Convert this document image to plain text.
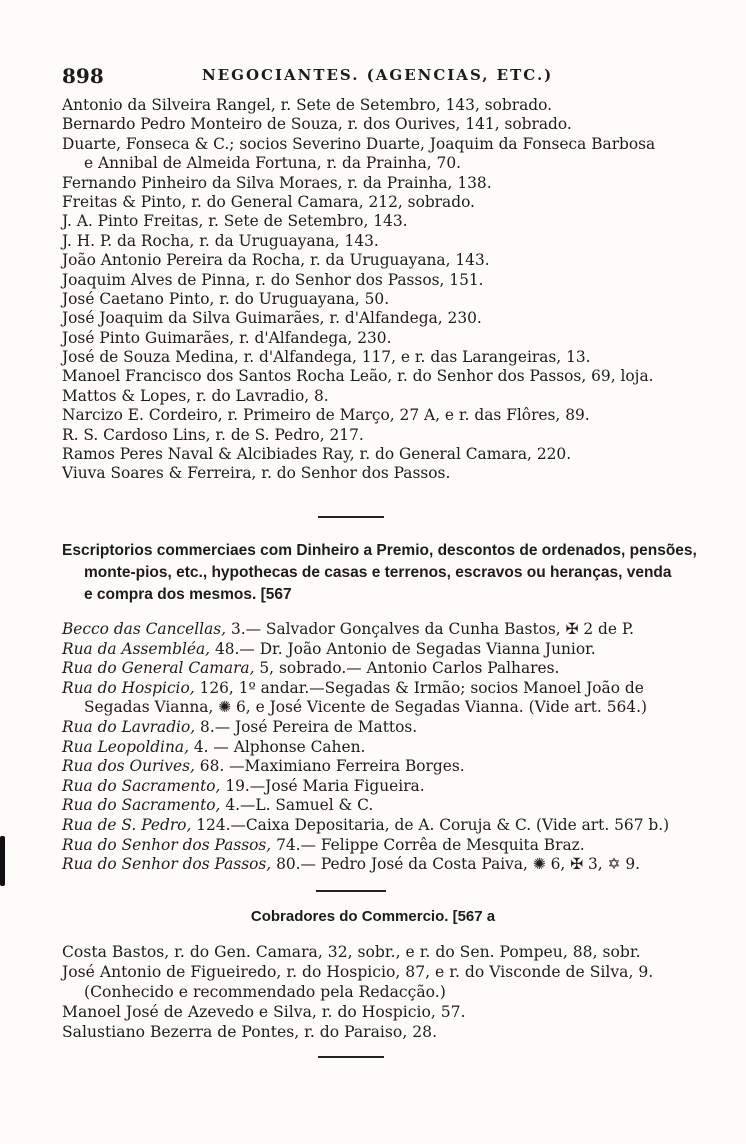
898	NEGOCIANTES. (AGENCIAS, ETC.)
Antonio da Silveira Rangel, r. Sete de Setembro, 143, sobrado.
Bernardo Pedro Monteiro de Souza, r. dos Ourives, 141, sobrado.
Duarte, Fonseca & C.; socios Severino Duarte, Joaquim da Fonseca Barbosa
e Annibal de Almeida Fortuna, r. da Prainha, 70.
Fernando Pinheiro da Silva Moraes, r. da Prainha, 138.
Freitas & Pinto, r. do General Camara, 212, sobrado.
J. A. Pinto Freitas, r. Sete de Setembro, 143.
J. H. P. da Rocha, r. da Uruguayana, 143.
João Antonio Pereira da Rocha, r. da Uruguayana, 143.
Joaquim Alves de Pinna, r. do Senhor dos Passos, 151.
José Caetano Pinto, r. do Uruguayana, 50.
José Joaquim da Silva Guimarães, r. d'Alfandega, 230.
José Pinto Guimarães, r. d'Alfandega, 230.
José de Souza Medina, r. d'Alfandega, 117, e r. das Larangeiras, 13.
Manoel Francisco dos Santos Rocha Leão, r. do Senhor dos Passos, 69, loja.
Mattos & Lopes, r. do Lavradio, 8.
Narcizo E. Cordeiro, r. Primeiro de Março, 27 A, e r. das Flôres, 89.
R. S. Cardoso Lins, r. de S. Pedro, 217.
Ramos Peres Naval & Alcibiades Ray, r. do General Camara, 220.
Viuva Soares & Ferreira, r. do Senhor dos Passos.
Escriptorios commerciaes com Dinheiro a Premio, descontos de ordenados, pensões,
monte-pios, etc., hypothecas de casas e terrenos, escravos ou heranças, venda
e compra dos mesmos. [567
Becco das Cancellas, 3.— Salvador Gonçalves da Cunha Bastos, ✠ 2 de P.
Rua da Assembléa, 48.— Dr. João Antonio de Segadas Vianna Junior.
Rua do General Camara, 5, sobrado.— Antonio Carlos Palhares.
Rua do Hospicio, 126, 1º andar.—Segadas & Irmão; socios Manoel João de
Segadas Vianna, ✺ 6, e José Vicente de Segadas Vianna. (Vide art. 564.)
Rua do Lavradio, 8.— José Pereira de Mattos.
Rua Leopoldina, 4. — Alphonse Cahen.
Rua dos Ourives, 68. —Maximiano Ferreira Borges.
Rua do Sacramento, 19.—José Maria Figueira.
Rua do Sacramento, 4.—L. Samuel & C.
Rua de S. Pedro, 124.—Caixa Depositaria, de A. Coruja & C. (Vide art. 567 b.)
Rua do Senhor dos Passos, 74.— Felippe Corrêa de Mesquita Braz.
Rua do Senhor dos Passos, 80.— Pedro José da Costa Paiva, ✺ 6, ✠ 3, ✡ 9.
Cobradores do Commercio. [567 a
Costa Bastos, r. do Gen. Camara, 32, sobr., e r. do Sen. Pompeu, 88, sobr.
José Antonio de Figueiredo, r. do Hospicio, 87, e r. do Visconde de Silva, 9.
(Conhecido e recommendado pela Redacção.)
Manoel José de Azevedo e Silva, r. do Hospicio, 57.
Salustiano Bezerra de Pontes, r. do Paraiso, 28.
